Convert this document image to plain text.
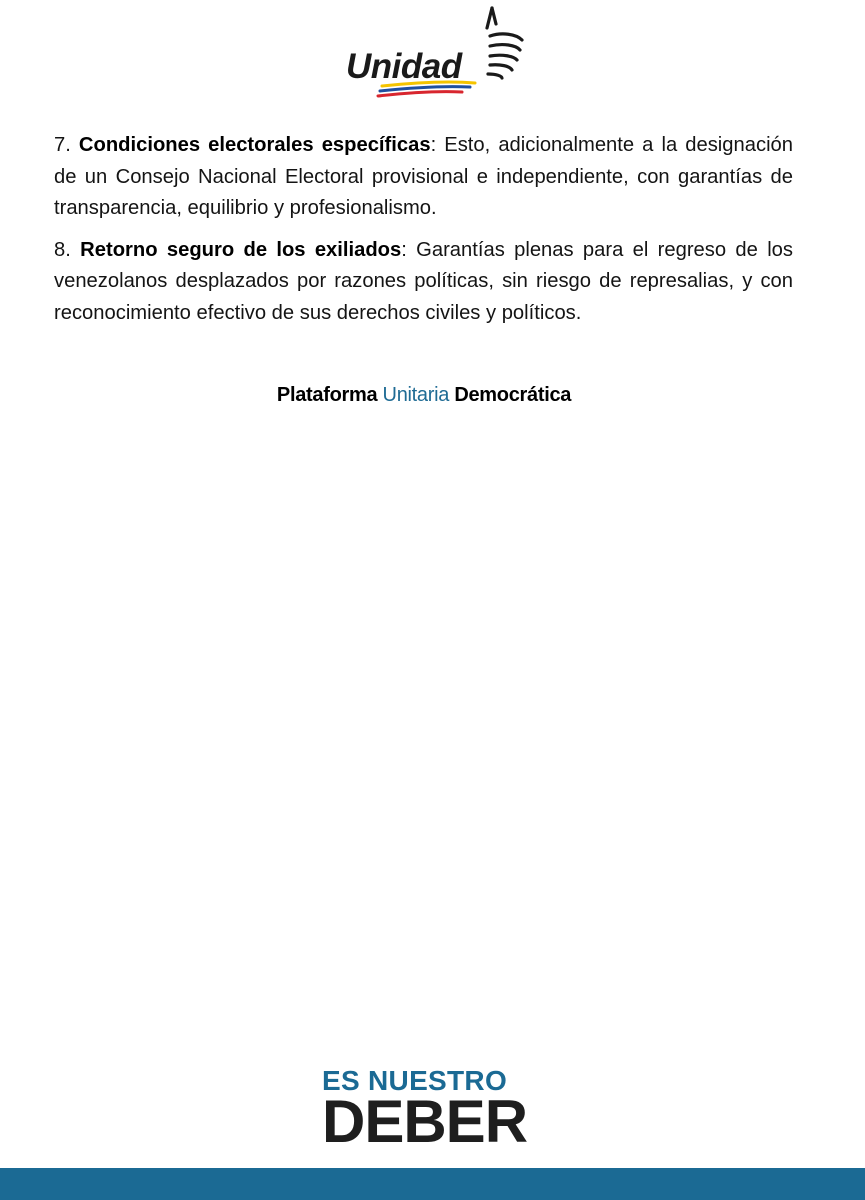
Unidad

7. Condiciones electorales específicas: Esto, adicionalmente a la designación de un Consejo Nacional Electoral provisional e independiente, con garantías de transparencia, equilibrio y profesionalismo.

8. Retorno seguro de los exiliados: Garantías plenas para el regreso de los venezolanos desplazados por razones políticas, sin riesgo de represalias, y con reconocimiento efectivo de sus derechos civiles y políticos.

Plataforma Unitaria Democrática
ES NUESTRO
DEBER
